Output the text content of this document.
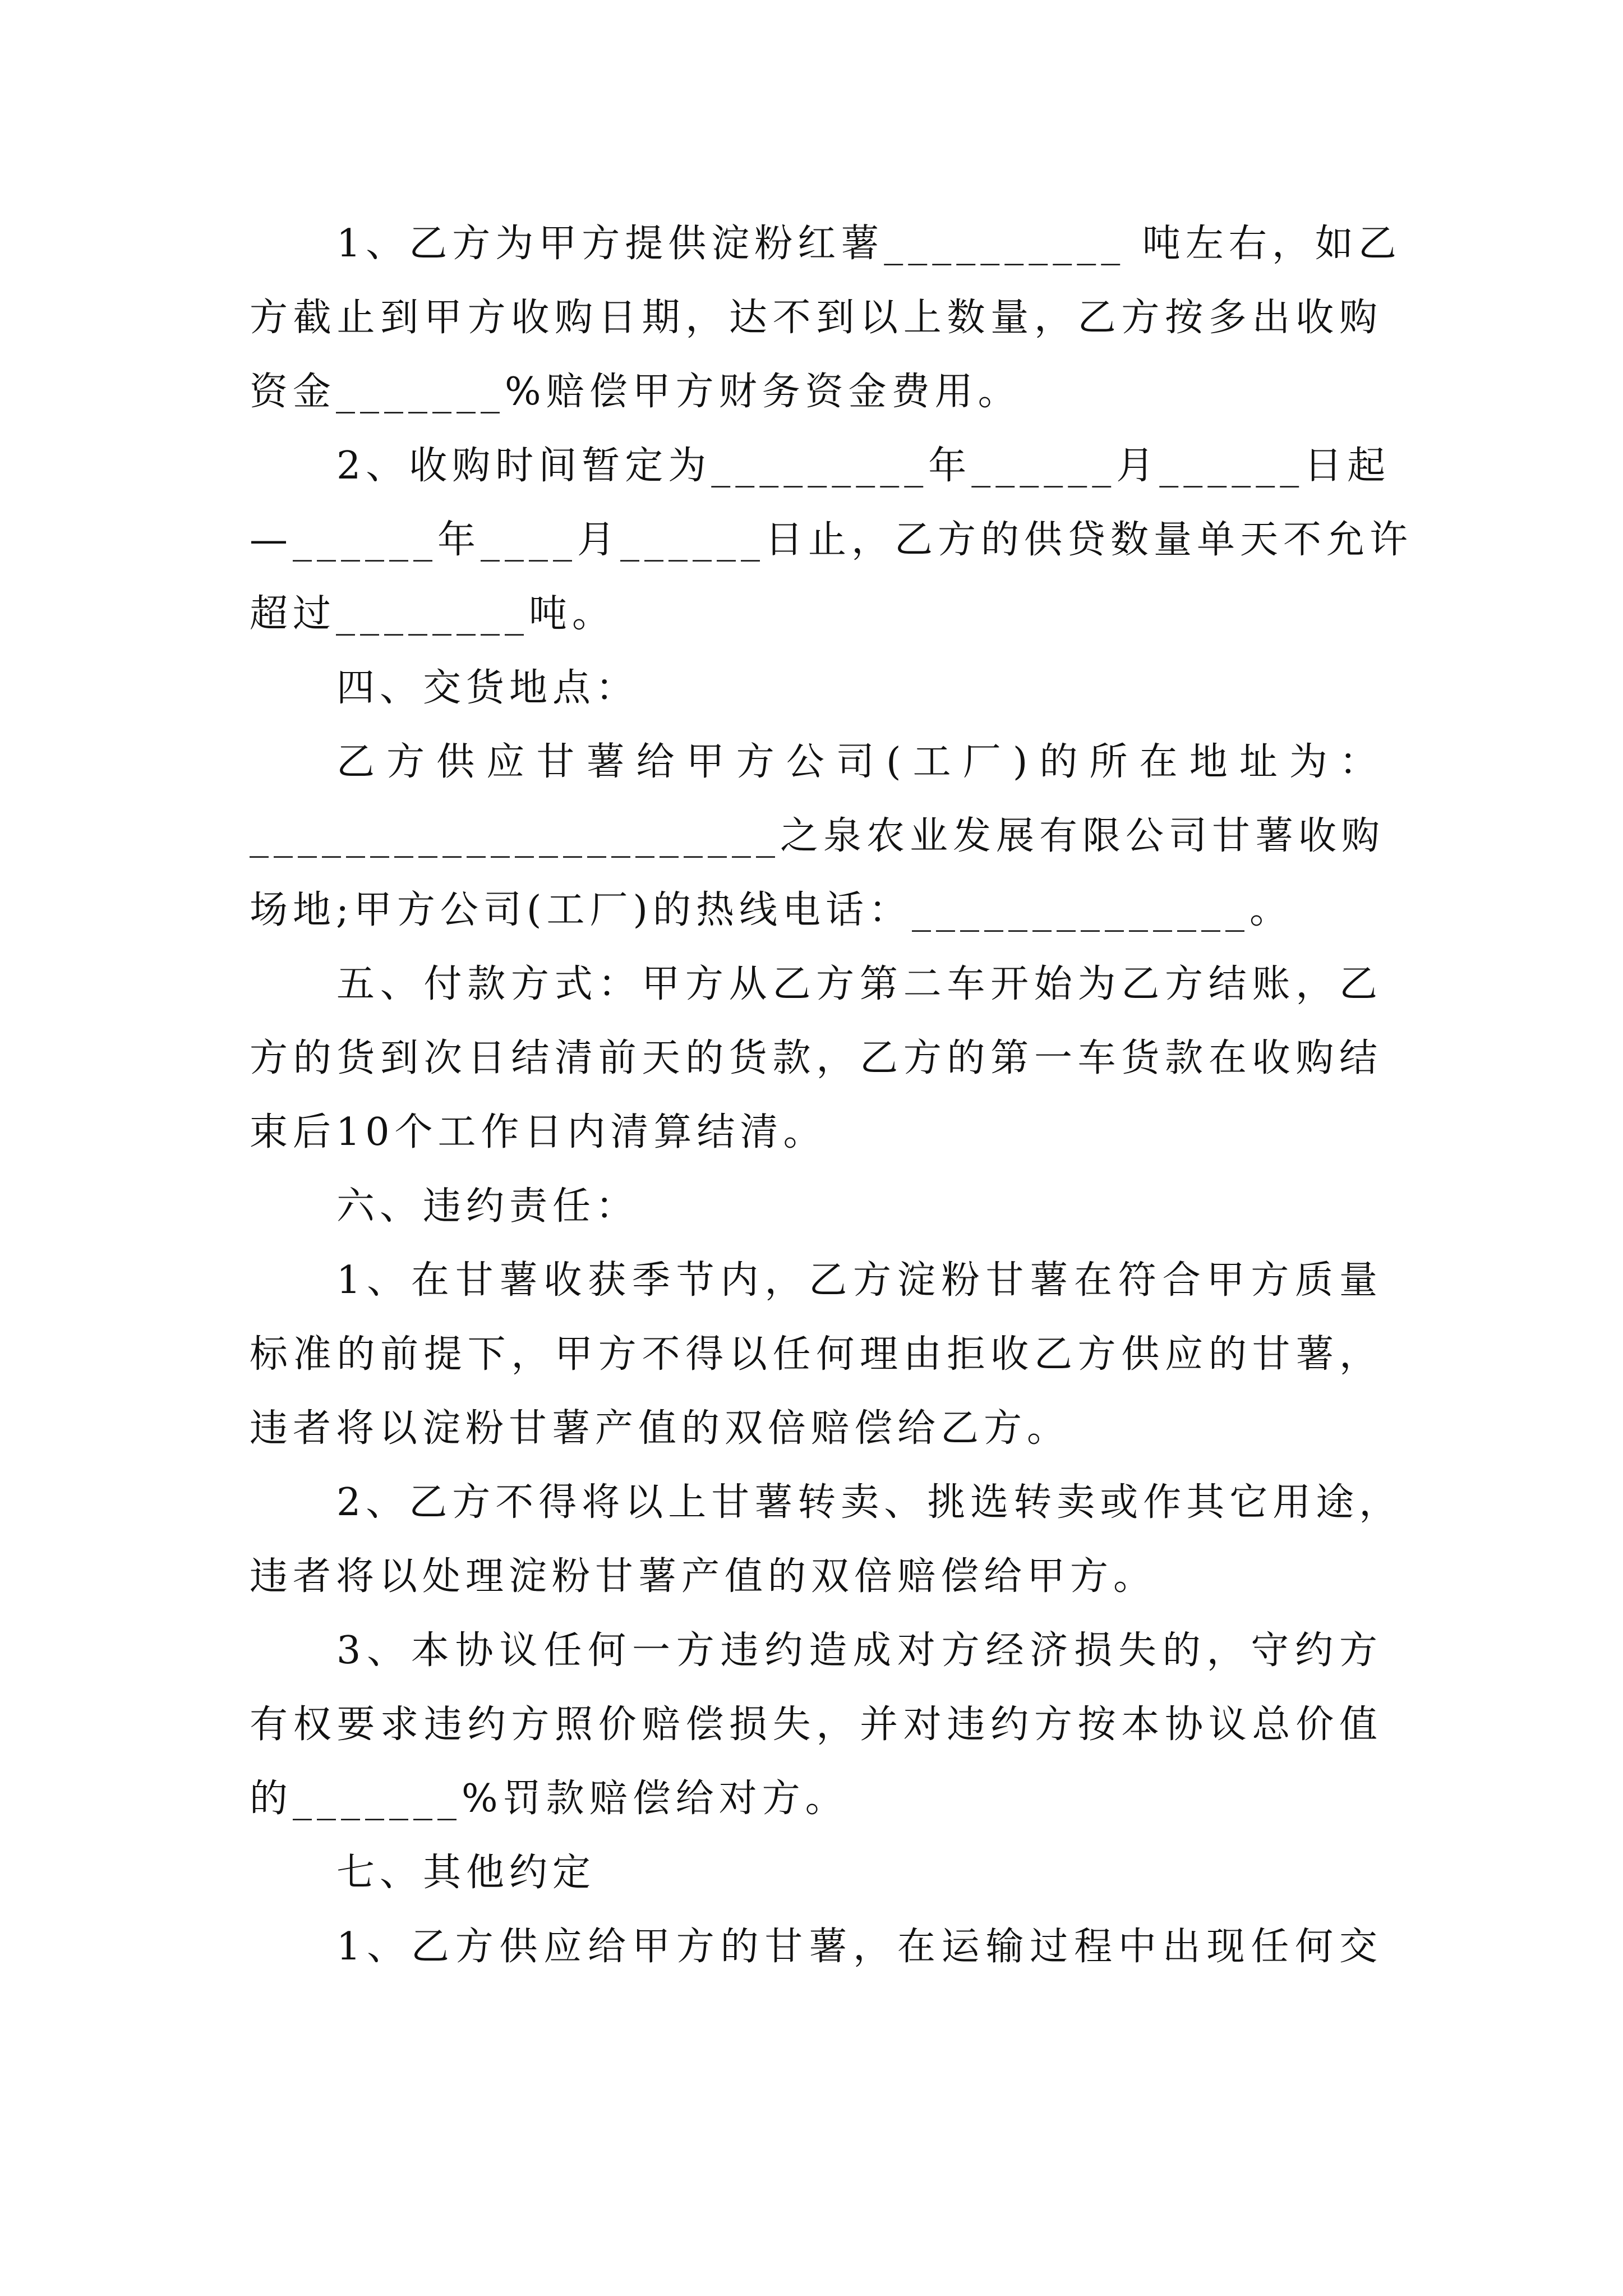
1、乙方为甲方提供淀粉红薯__________ 吨左右，如乙
方截止到甲方收购日期，达不到以上数量，乙方按多出收购
资金_______%赔偿甲方财务资金费用。
2、收购时间暂定为_________年______月______日起
—______年____月______日止，乙方的供贷数量单天不允许
超过________吨。
四、交货地点：
乙方供应甘薯给甲方公司(工厂)的所在地址为：
______________________之泉农业发展有限公司甘薯收购
场地;甲方公司(工厂)的热线电话：______________。
五、付款方式：甲方从乙方第二车开始为乙方结账，乙
方的货到次日结清前天的货款，乙方的第一车货款在收购结
束后10个工作日内清算结清。
六、违约责任：
1、在甘薯收获季节内，乙方淀粉甘薯在符合甲方质量
标准的前提下，甲方不得以任何理由拒收乙方供应的甘薯，
违者将以淀粉甘薯产值的双倍赔偿给乙方。
2、乙方不得将以上甘薯转卖、挑选转卖或作其它用途，
违者将以处理淀粉甘薯产值的双倍赔偿给甲方。
3、本协议任何一方违约造成对方经济损失的，守约方
有权要求违约方照价赔偿损失，并对违约方按本协议总价值
的_______%罚款赔偿给对方。
七、其他约定
1、乙方供应给甲方的甘薯，在运输过程中出现任何交
